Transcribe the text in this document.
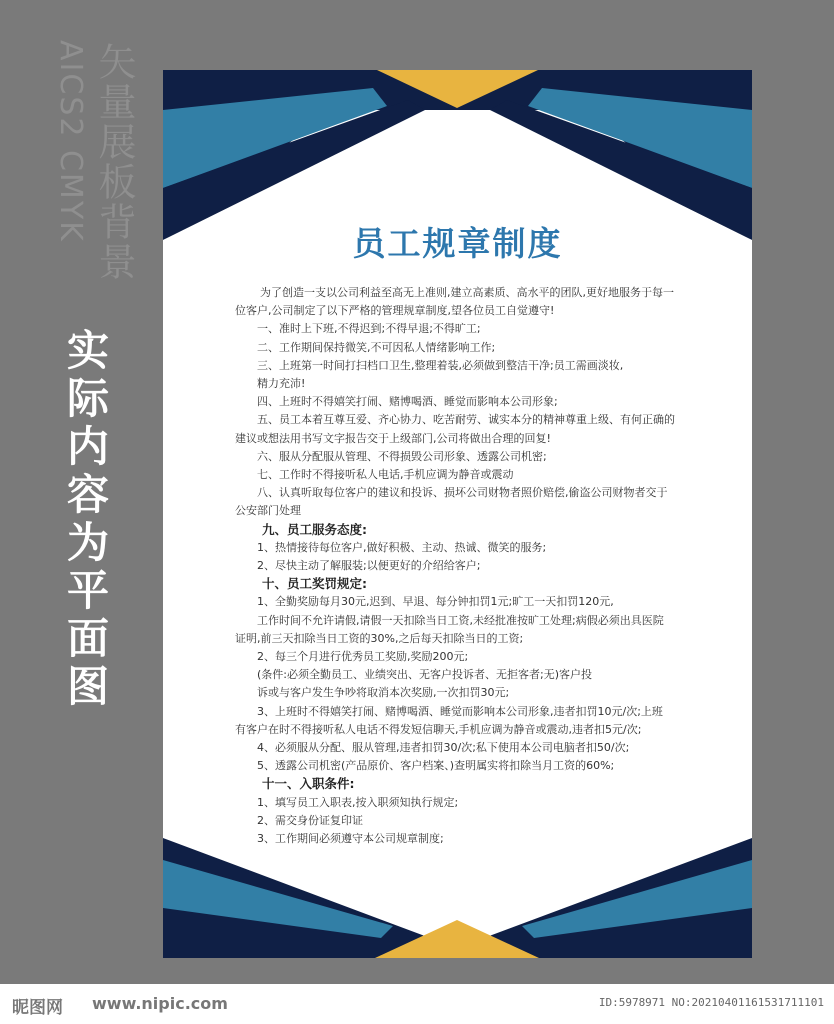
矢量展板背景
AICS2 CMYK
实际内容为平面图
员工规章制度
为了创造一支以公司利益至高无上准则,建立高素质、高水平的团队,更好地服务于每一
位客户,公司制定了以下严格的管理规章制度,望各位员工自觉遵守!
一、准时上下班,不得迟到;不得早退;不得旷工;
二、工作期间保持微笑,不可因私人情绪影响工作;
三、上班第一时间打扫档口卫生,整理着装,必须做到整洁干净;员工需画淡妆,
精力充沛!
四、上班时不得嬉笑打闹、赌博喝酒、睡觉而影响本公司形象;
五、员工本着互尊互爱、齐心协力、吃苦耐劳、诚实本分的精神尊重上级、有何正确的
建议或想法用书写文字报告交于上级部门,公司将做出合理的回复!
六、服从分配服从管理、不得损毁公司形象、透露公司机密;
七、工作时不得接听私人电话,手机应调为静音或震动
八、认真听取每位客户的建议和投诉、损坏公司财物者照价赔偿,偷盗公司财物者交于
公安部门处理
九、员工服务态度:
1、热情接待每位客户,做好积极、主动、热诚、微笑的服务;
2、尽快主动了解服装;以便更好的介绍给客户;
十、员工奖罚规定:
1、全勤奖励每月30元,迟到、早退、每分钟扣罚1元;旷工一天扣罚120元,
工作时间不允许请假,请假一天扣除当日工资,未经批准按旷工处理;病假必须出具医院
证明,前三天扣除当日工资的30%,之后每天扣除当日的工资;
2、每三个月进行优秀员工奖励,奖励200元;
(条件:必须全勤员工、业绩突出、无客户投诉者、无拒客者;无)客户投
诉或与客户发生争吵将取消本次奖励,一次扣罚30元;
3、上班时不得嬉笑打闹、赌博喝酒、睡觉而影响本公司形象,违者扣罚10元/次;上班
有客户在时不得接听私人电话不得发短信聊天,手机应调为静音或震动,违者扣5元/次;
4、必须服从分配、服从管理,违者扣罚30/次;私下使用本公司电脑者扣50/次;
5、透露公司机密(产品原价、客户档案、)查明属实将扣除当月工资的60%;
十一、入职条件:
1、填写员工入职表,按入职须知执行规定;
2、需交身份证复印证
3、工作期间必须遵守本公司规章制度;
昵图网 www.nipic.com	ID:5978971 NO:20210401161531711101
